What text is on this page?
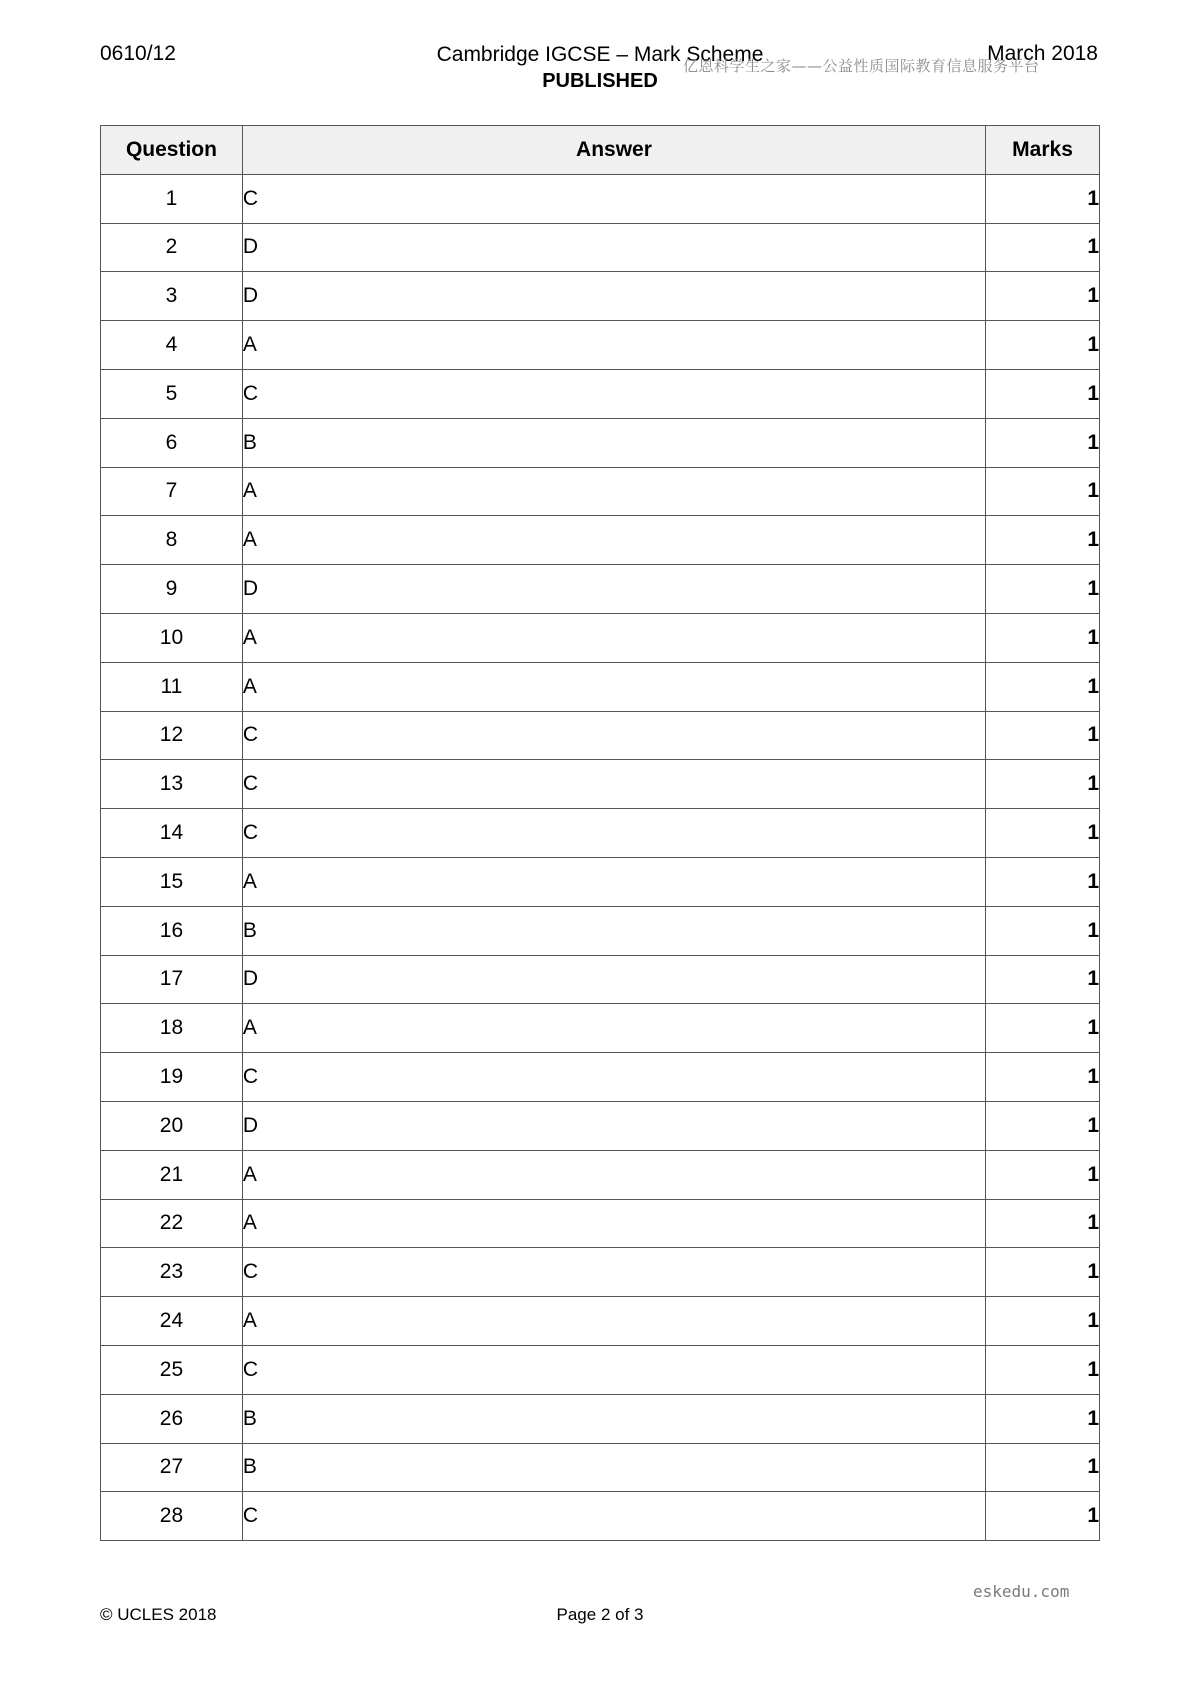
0610/12	Cambridge IGCSE – Mark Scheme
PUBLISHED
March 2018
亿恩科学生之家——公益性质国际教育信息服务平台
Question	Answer	Marks
1	C	1
2	D	1
3	D	1
4	A	1
5	C	1
6	B	1
7	A	1
8	A	1
9	D	1
10	A	1
11	A	1
12	C	1
13	C	1
14	C	1
15	A	1
16	B	1
17	D	1
18	A	1
19	C	1
20	D	1
21	A	1
22	A	1
23	C	1
24	A	1
25	C	1
26	B	1
27	B	1
28	C	1
eskedu.com
© UCLES 2018	Page 2 of 3
